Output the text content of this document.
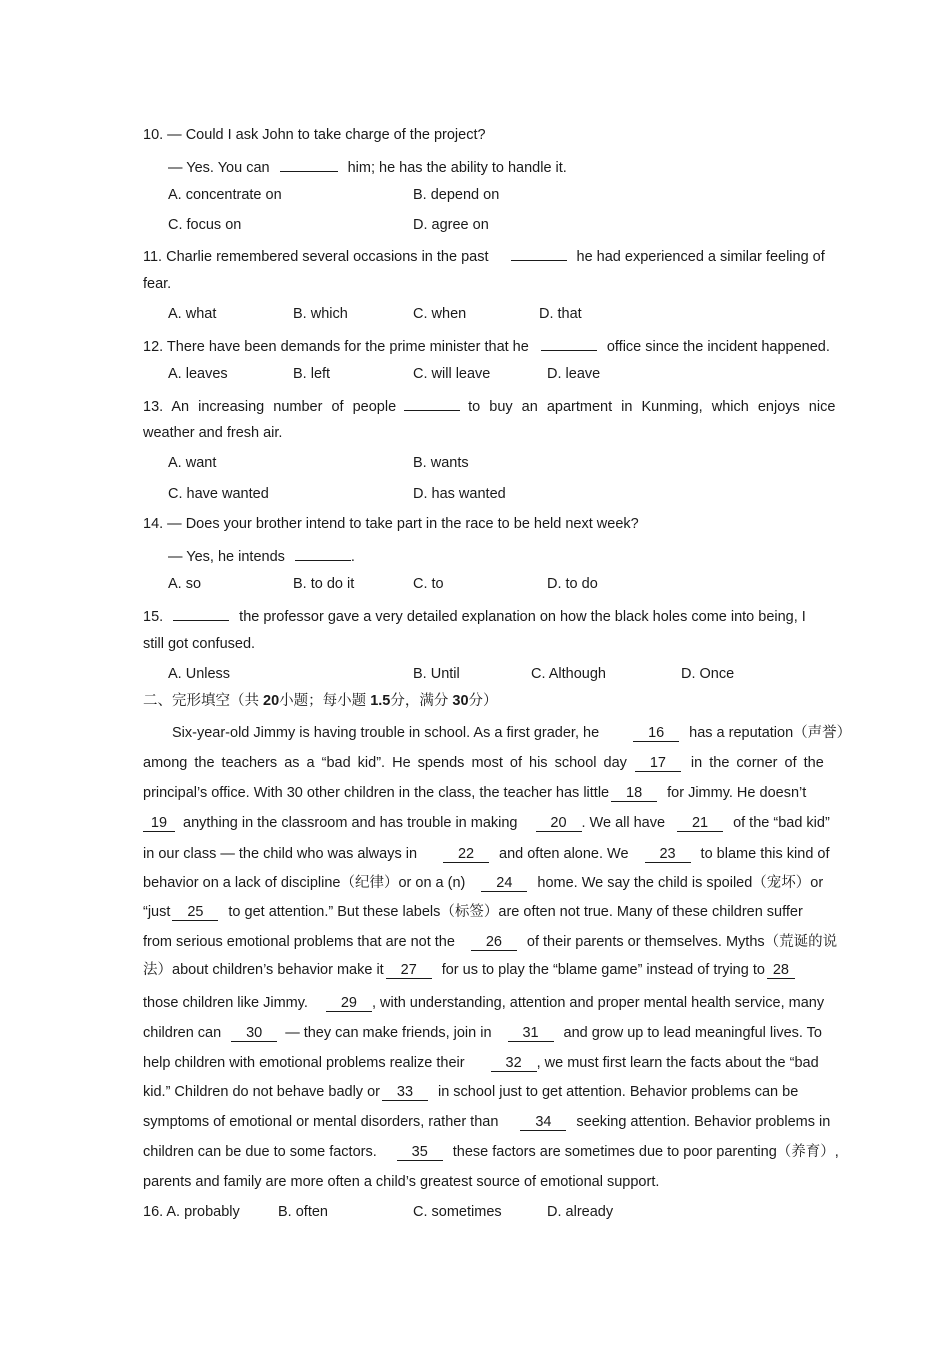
10. — Could I ask John to take charge of the project?
— Yes. You can	him; he has the ability to handle it.
A. concentrate on	B. depend on
C. focus on	D. agree on
11. Charlie remembered several occasions in the past	he had experienced a similar feeling of
fear.
A. what	B. which	C. when	D. that
12. There have been demands for the prime minister that he	office since the incident happened.
A. leaves	B. left	C. will leave	D. leave
13. An increasing number of people	to buy an apartment in Kunming, which enjoys nice
weather and fresh air.
A. want	B. wants
C. have wanted	D. has wanted
14. — Does your brother intend to take part in the race to be held next week?
— Yes, he intends	.
A. so	B. to do it	C. to	D. to do
15.	the professor gave a very detailed explanation on how the black holes come into being, I
still got confused.
A. Unless	B. Until	C. Although	D. Once
二、完形填空（共 20小题；每小题 1.5分，满分 30分）
Six-year-old Jimmy is having trouble in school. As a first grader, he	16 has a reputation（声誉）
among the teachers as a “bad kid”. He spends most of his school day 17 in the corner of the
principal’s office. With 30 other children in the class, the teacher has little 18 for Jimmy. He doesn’t
19 anything in the classroom and has trouble in making 20 . We all have 21 of the “bad kid”
in our class — the child who was always in	22 and often alone. We 23 to blame this kind of
behavior on a lack of discipline（纪律）or on a (n) 24 home. We say the child is spoiled（宠坏）or
“just 25 to get attention.” But these labels（标签）are often not true. Many of these children suffer
from serious emotional problems that are not the 26 of their parents or themselves. Myths（荒诞的说
法）about children’s behavior make it 27 for us to play the “blame game” instead of trying to 28
those children like Jimmy. 29 , with understanding, attention and proper mental health service, many
children can 30 — they can make friends, join in 31 and grow up to lead meaningful lives. To
help children with emotional problems realize their	32 , we must first learn the facts about the “bad
kid.” Children do not behave badly or 33 in school just to get attention. Behavior problems can be
symptoms of emotional or mental disorders, rather than	34 seeking attention. Behavior problems in
children can be due to some factors. 35 these factors are sometimes due to poor parenting（养育）,
parents and family are more often a child’s greatest source of emotional support.
16. A. probably	B. often	C. sometimes	D. already
